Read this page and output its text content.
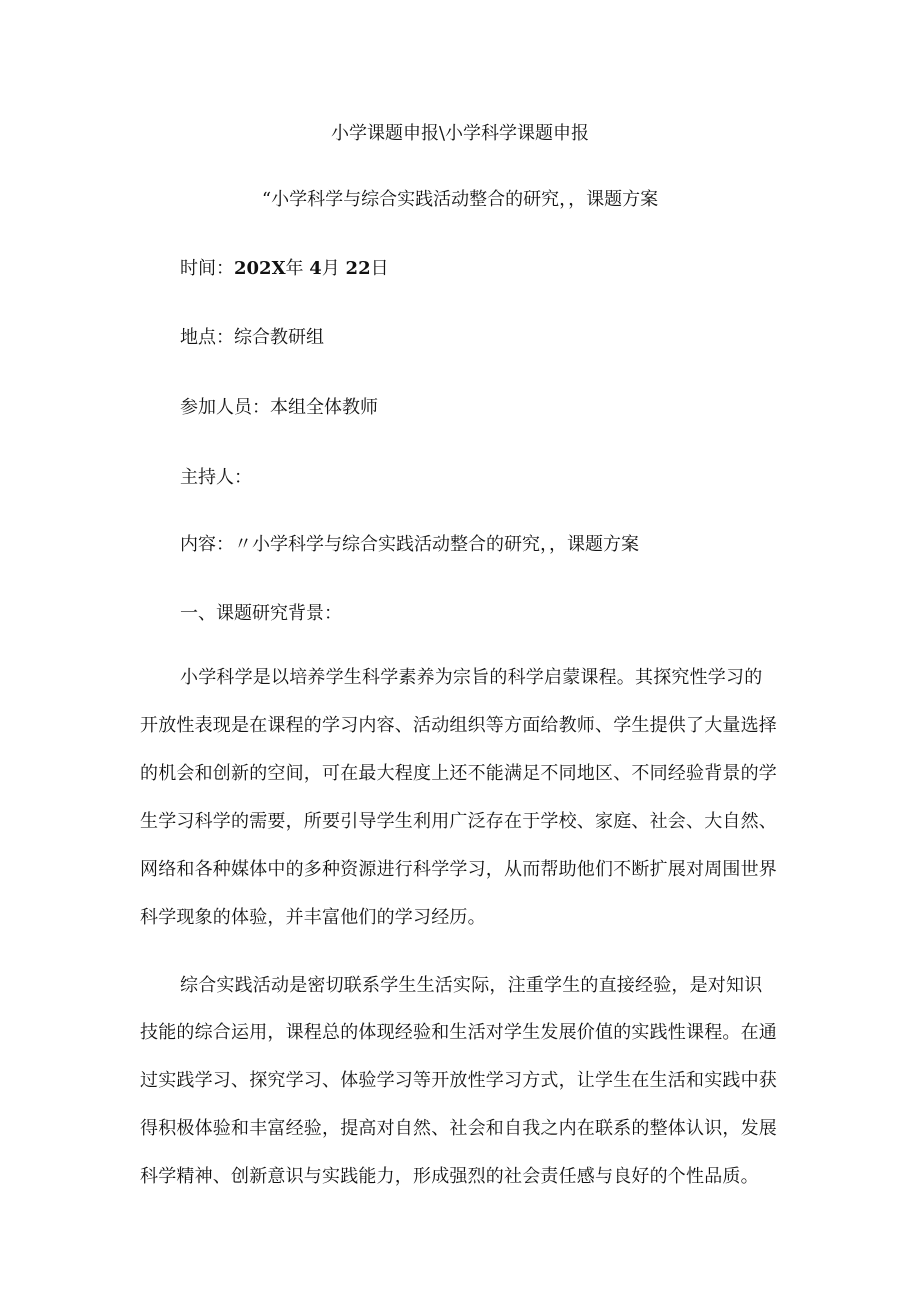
小学课题申报\小学科学课题申报
“小学科学与综合实践活动整合的研究，，课题方案
时间：202X年 4月 22日
地点：综合教研组
参加人员：本组全体教师
主持人：
内容：〃小学科学与综合实践活动整合的研究，，课题方案
一、课题研究背景：
小学科学是以培养学生科学素养为宗旨的科学启蒙课程。其探究性学习的
开放性表现是在课程的学习内容、活动组织等方面给教师、学生提供了大量选择
的机会和创新的空间，可在最大程度上还不能满足不同地区、不同经验背景的学
生学习科学的需要，所要引导学生利用广泛存在于学校、家庭、社会、大自然、
网络和各种媒体中的多种资源进行科学学习，从而帮助他们不断扩展对周围世界
科学现象的体验，并丰富他们的学习经历。
综合实践活动是密切联系学生生活实际，注重学生的直接经验，是对知识
技能的综合运用，课程总的体现经验和生活对学生发展价值的实践性课程。在通
过实践学习、探究学习、体验学习等开放性学习方式，让学生在生活和实践中获
得积极体验和丰富经验，提高对自然、社会和自我之内在联系的整体认识，发展
科学精神、创新意识与实践能力，形成强烈的社会责任感与良好的个性品质。
